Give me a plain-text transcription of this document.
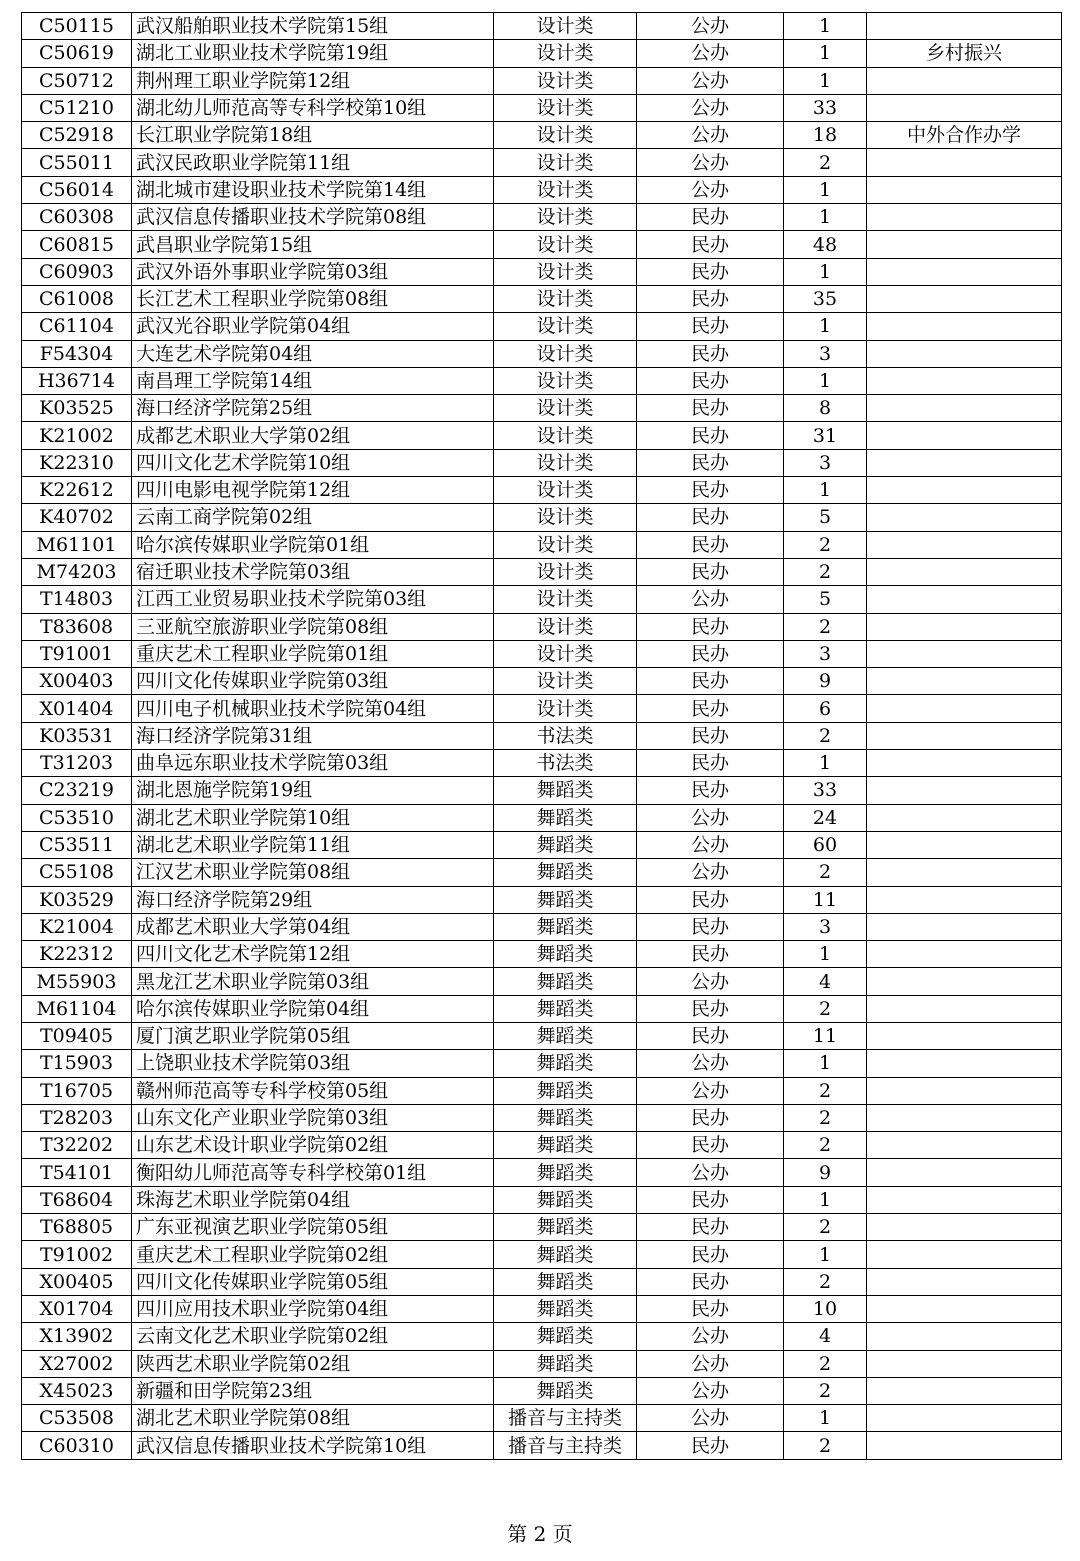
C50115	武汉船舶职业技术学院第15组	设计类	公办	1	
C50619	湖北工业职业技术学院第19组	设计类	公办	1	乡村振兴
C50712	荆州理工职业学院第12组	设计类	公办	1	
C51210	湖北幼儿师范高等专科学校第10组	设计类	公办	33	
C52918	长江职业学院第18组	设计类	公办	18	中外合作办学
C55011	武汉民政职业学院第11组	设计类	公办	2	
C56014	湖北城市建设职业技术学院第14组	设计类	公办	1	
C60308	武汉信息传播职业技术学院第08组	设计类	民办	1	
C60815	武昌职业学院第15组	设计类	民办	48	
C60903	武汉外语外事职业学院第03组	设计类	民办	1	
C61008	长江艺术工程职业学院第08组	设计类	民办	35	
C61104	武汉光谷职业学院第04组	设计类	民办	1	
F54304	大连艺术学院第04组	设计类	民办	3	
H36714	南昌理工学院第14组	设计类	民办	1	
K03525	海口经济学院第25组	设计类	民办	8	
K21002	成都艺术职业大学第02组	设计类	民办	31	
K22310	四川文化艺术学院第10组	设计类	民办	3	
K22612	四川电影电视学院第12组	设计类	民办	1	
K40702	云南工商学院第02组	设计类	民办	5	
M61101	哈尔滨传媒职业学院第01组	设计类	民办	2	
M74203	宿迁职业技术学院第03组	设计类	民办	2	
T14803	江西工业贸易职业技术学院第03组	设计类	公办	5	
T83608	三亚航空旅游职业学院第08组	设计类	民办	2	
T91001	重庆艺术工程职业学院第01组	设计类	民办	3	
X00403	四川文化传媒职业学院第03组	设计类	民办	9	
X01404	四川电子机械职业技术学院第04组	设计类	民办	6	
K03531	海口经济学院第31组	书法类	民办	2	
T31203	曲阜远东职业技术学院第03组	书法类	民办	1	
C23219	湖北恩施学院第19组	舞蹈类	民办	33	
C53510	湖北艺术职业学院第10组	舞蹈类	公办	24	
C53511	湖北艺术职业学院第11组	舞蹈类	公办	60	
C55108	江汉艺术职业学院第08组	舞蹈类	公办	2	
K03529	海口经济学院第29组	舞蹈类	民办	11	
K21004	成都艺术职业大学第04组	舞蹈类	民办	3	
K22312	四川文化艺术学院第12组	舞蹈类	民办	1	
M55903	黑龙江艺术职业学院第03组	舞蹈类	公办	4	
M61104	哈尔滨传媒职业学院第04组	舞蹈类	民办	2	
T09405	厦门演艺职业学院第05组	舞蹈类	民办	11	
T15903	上饶职业技术学院第03组	舞蹈类	公办	1	
T16705	赣州师范高等专科学校第05组	舞蹈类	公办	2	
T28203	山东文化产业职业学院第03组	舞蹈类	民办	2	
T32202	山东艺术设计职业学院第02组	舞蹈类	民办	2	
T54101	衡阳幼儿师范高等专科学校第01组	舞蹈类	公办	9	
T68604	珠海艺术职业学院第04组	舞蹈类	民办	1	
T68805	广东亚视演艺职业学院第05组	舞蹈类	民办	2	
T91002	重庆艺术工程职业学院第02组	舞蹈类	民办	1	
X00405	四川文化传媒职业学院第05组	舞蹈类	民办	2	
X01704	四川应用技术职业学院第04组	舞蹈类	民办	10	
X13902	云南文化艺术职业学院第02组	舞蹈类	公办	4	
X27002	陕西艺术职业学院第02组	舞蹈类	公办	2	
X45023	新疆和田学院第23组	舞蹈类	公办	2	
C53508	湖北艺术职业学院第08组	播音与主持类	公办	1	
C60310	武汉信息传播职业技术学院第10组	播音与主持类	民办	2	
第 2 页
